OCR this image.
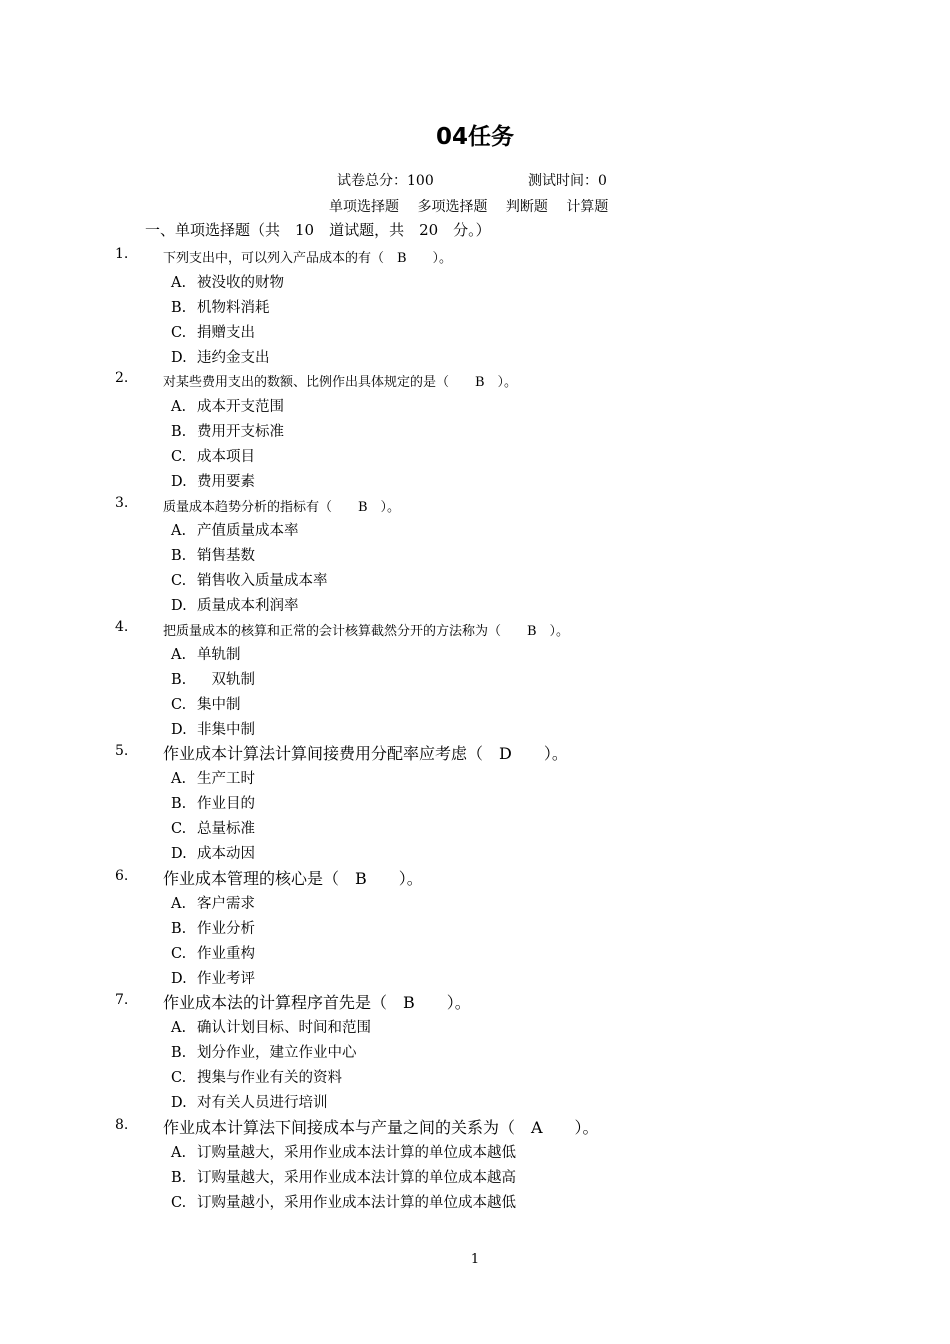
04任务
试卷总分：100	测试时间：0
单项选择题 多项选择题 判断题 计算题
一、单项选择题（共　10　道试题，共　20　分。）
1.	下列支出中，可以列入产品成本的有（　B　　）。
A. 被没收的财物
B. 机物料消耗
C. 捐赠支出
D. 违约金支出
2.	对某些费用支出的数额、比例作出具体规定的是（　　B　）。
A. 成本开支范围
B. 费用开支标准
C. 成本项目
D. 费用要素
3.	质量成本趋势分析的指标有（　　B　）。
A. 产值质量成本率
B. 销售基数
C. 销售收入质量成本率
D. 质量成本利润率
4.	把质量成本的核算和正常的会计核算截然分开的方法称为（　　B　）。
A. 单轨制
B.　双轨制
C. 集中制
D. 非集中制
5. 作业成本计算法计算间接费用分配率应考虑（　D　　）。
A. 生产工时
B. 作业目的
C. 总量标准
D. 成本动因
6. 作业成本管理的核心是（　B　　）。
A. 客户需求
B. 作业分析
C. 作业重构
D. 作业考评
7. 作业成本法的计算程序首先是（　B　　）。
A. 确认计划目标、时间和范围
B. 划分作业，建立作业中心
C. 搜集与作业有关的资料
D. 对有关人员进行培训
8. 作业成本计算法下间接成本与产量之间的关系为（　A　　）。
A. 订购量越大，采用作业成本法计算的单位成本越低
B. 订购量越大，采用作业成本法计算的单位成本越高
C. 订购量越小，采用作业成本法计算的单位成本越低
1
